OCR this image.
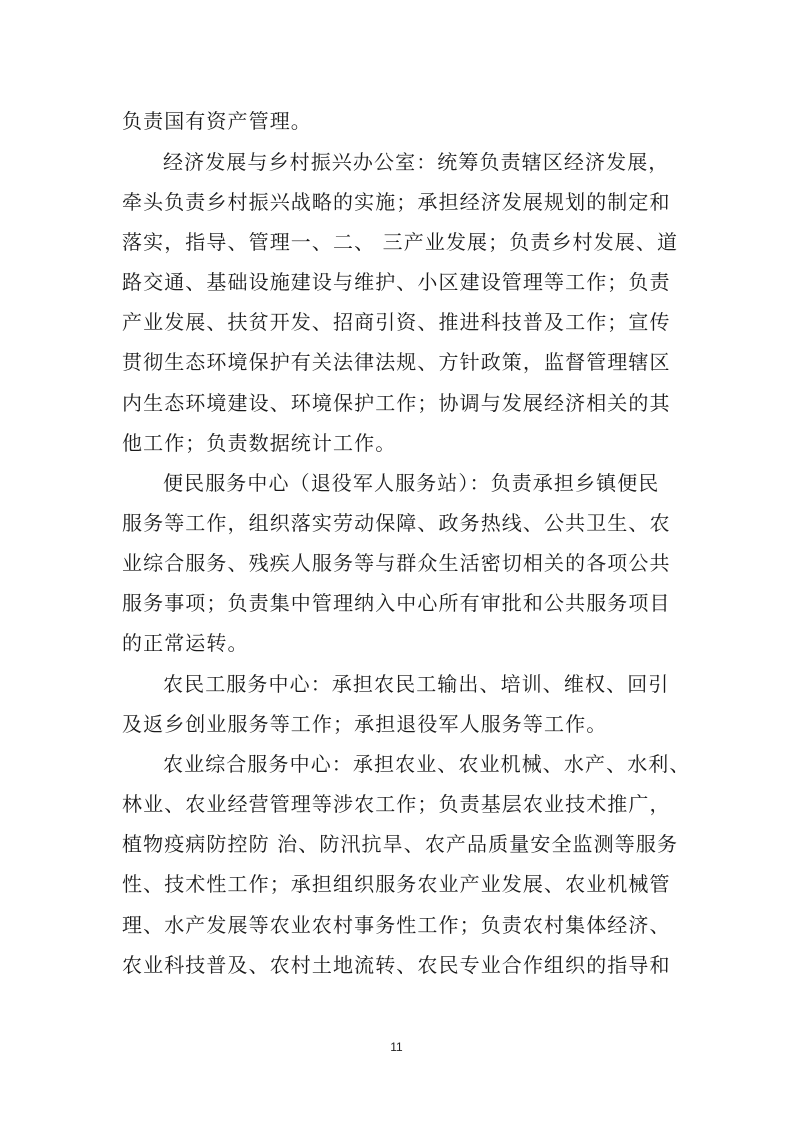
负责国有资产管理。

经济发展与乡村振兴办公室：统筹负责辖区经济发展，

牵头负责乡村振兴战略的实施；承担经济发展规划的制定和

落实，指导、管理一、二、 三产业发展；负责乡村发展、道

路交通、基础设施建设与维护、小区建设管理等工作；负责

产业发展、扶贫开发、招商引资、推进科技普及工作；宣传

贯彻生态环境保护有关法律法规、方针政策，监督管理辖区

内生态环境建设、环境保护工作；协调与发展经济相关的其

他工作；负责数据统计工作。

便民服务中心（退役军人服务站）：负责承担乡镇便民

服务等工作，组织落实劳动保障、政务热线、公共卫生、农

业综合服务、残疾人服务等与群众生活密切相关的各项公共

服务事项；负责集中管理纳入中心所有审批和公共服务项目

的正常运转。

农民工服务中心：承担农民工输出、培训、维权、回引

及返乡创业服务等工作；承担退役军人服务等工作。

农业综合服务中心：承担农业、农业机械、水产、水利、

林业、农业经营管理等涉农工作；负责基层农业技术推广，

植物疫病防控防 治、防汛抗旱、农产品质量安全监测等服务

性、技术性工作；承担组织服务农业产业发展、农业机械管

理、水产发展等农业农村事务性工作；负责农村集体经济、

农业科技普及、农村土地流转、农民专业合作组织的指导和

11
